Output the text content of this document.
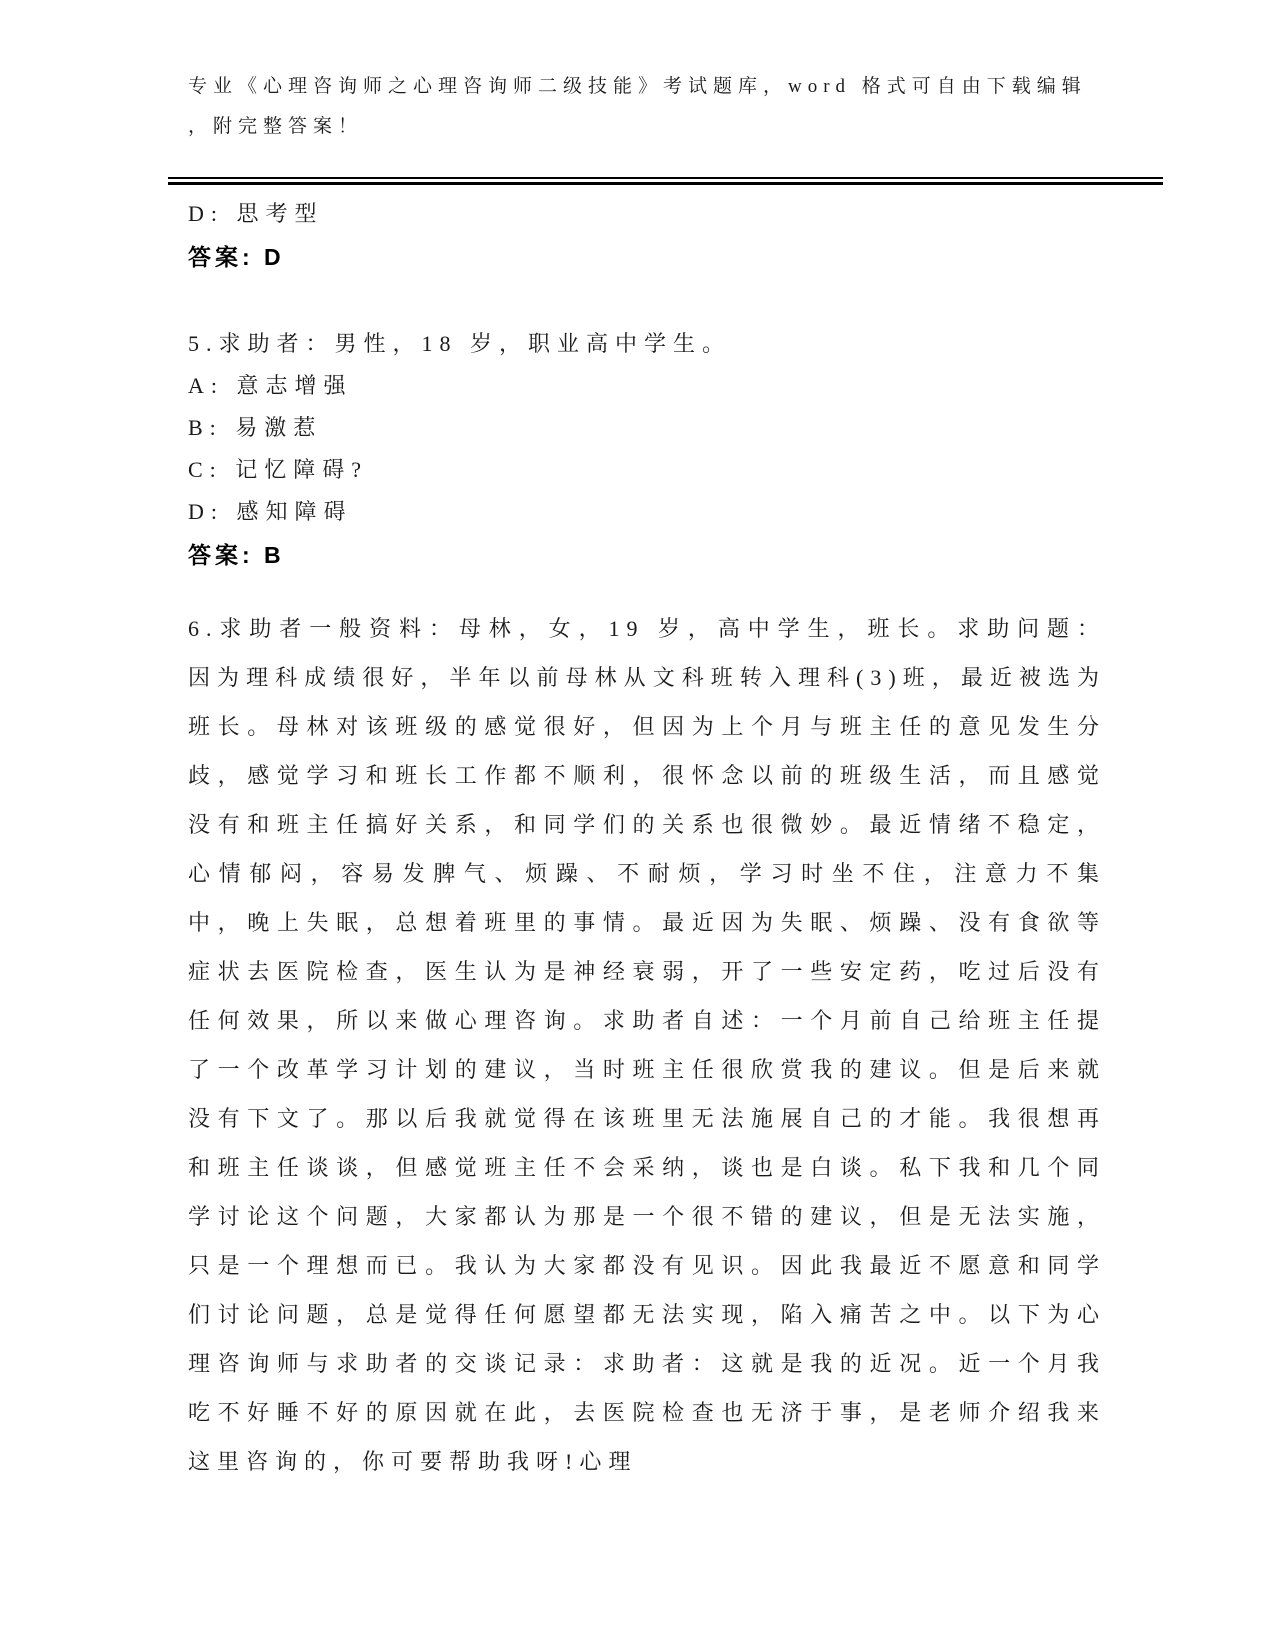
专业《心理咨询师之心理咨询师二级技能》考试题库，word 格式可自由下载编辑
，附完整答案！
D: 思考型
答案: D
5.求助者：男性，18 岁，职业高中学生。
A: 意志增强
B: 易激惹
C: 记忆障碍?
D: 感知障碍
答案: B
6.求助者一般资料：母林，女，19 岁，高中学生，班长。求助问题：因为理科成绩很好，半年以前母林从文科班转入理科(3)班，最近被选为班长。母林对该班级的感觉很好，但因为上个月与班主任的意见发生分歧，感觉学习和班长工作都不顺利，很怀念以前的班级生活，而且感觉没有和班主任搞好关系，和同学们的关系也很微妙。最近情绪不稳定，心情郁闷，容易发脾气、烦躁、不耐烦，学习时坐不住，注意力不集中，晚上失眠，总想着班里的事情。最近因为失眠、烦躁、没有食欲等症状去医院检查，医生认为是神经衰弱，开了一些安定药，吃过后没有任何效果，所以来做心理咨询。求助者自述：一个月前自己给班主任提了一个改革学习计划的建议，当时班主任很欣赏我的建议。但是后来就没有下文了。那以后我就觉得在该班里无法施展自己的才能。我很想再和班主任谈谈，但感觉班主任不会采纳，谈也是白谈。私下我和几个同学讨论这个问题，大家都认为那是一个很不错的建议，但是无法实施，只是一个理想而已。我认为大家都没有见识。因此我最近不愿意和同学们讨论问题，总是觉得任何愿望都无法实现，陷入痛苦之中。以下为心理咨询师与求助者的交谈记录：求助者：这就是我的近况。近一个月我吃不好睡不好的原因就在此，去医院检查也无济于事，是老师介绍我来这里咨询的，你可要帮助我呀!心理
